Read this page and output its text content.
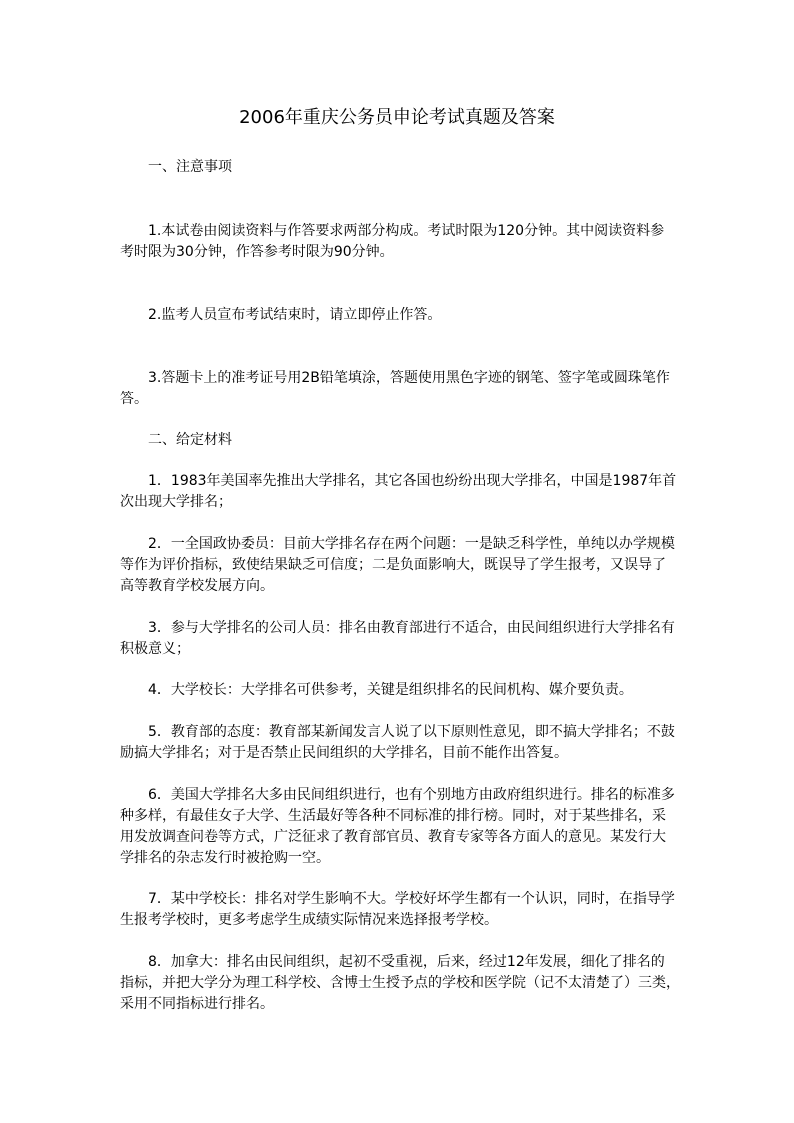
2006年重庆公务员申论考试真题及答案
一、注意事项
1.本试卷由阅读资料与作答要求两部分构成。考试时限为120分钟。其中阅读资料参
考时限为30分钟，作答参考时限为90分钟。
2.监考人员宣布考试结束时，请立即停止作答。
3.答题卡上的准考证号用2B铅笔填涂，答题使用黑色字迹的钢笔、签字笔或圆珠笔作
答。
二、给定材料
1．1983年美国率先推出大学排名，其它各国也纷纷出现大学排名，中国是1987年首
次出现大学排名；
2．一全国政协委员：目前大学排名存在两个问题：一是缺乏科学性，单纯以办学规模
等作为评价指标，致使结果缺乏可信度；二是负面影响大，既误导了学生报考，又误导了
高等教育学校发展方向。
3．参与大学排名的公司人员：排名由教育部进行不适合，由民间组织进行大学排名有
积极意义；
4．大学校长：大学排名可供参考，关键是组织排名的民间机构、媒介要负责。
5．教育部的态度：教育部某新闻发言人说了以下原则性意见，即不搞大学排名；不鼓
励搞大学排名；对于是否禁止民间组织的大学排名，目前不能作出答复。
6．美国大学排名大多由民间组织进行，也有个别地方由政府组织进行。排名的标准多
种多样，有最佳女子大学、生活最好等各种不同标准的排行榜。同时，对于某些排名，采
用发放调查问卷等方式，广泛征求了教育部官员、教育专家等各方面人的意见。某发行大
学排名的杂志发行时被抢购一空。
7．某中学校长：排名对学生影响不大。学校好坏学生都有一个认识，同时，在指导学
生报考学校时，更多考虑学生成绩实际情况来选择报考学校。
8．加拿大：排名由民间组织，起初不受重视，后来，经过12年发展，细化了排名的
指标，并把大学分为理工科学校、含博士生授予点的学校和医学院（记不太清楚了）三类，
采用不同指标进行排名。
